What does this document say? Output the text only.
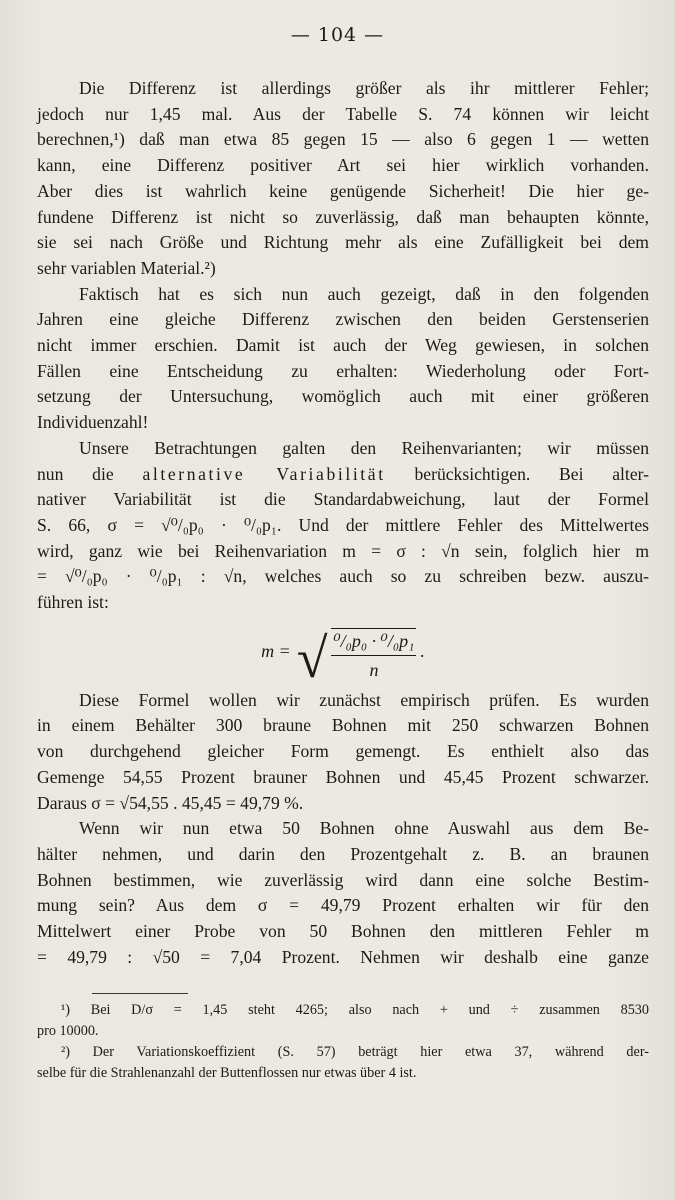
— 104 —

Die Differenz ist allerdings größer als ihr mittlerer Fehler;
jedoch nur 1,45 mal. Aus der Tabelle S. 74 können wir leicht
berechnen,¹) daß man etwa 85 gegen 15 — also 6 gegen 1 — wetten
kann, eine Differenz positiver Art sei hier wirklich vorhanden.
Aber dies ist wahrlich keine genügende Sicherheit! Die hier ge-
fundene Differenz ist nicht so zuverlässig, daß man behaupten könnte,
sie sei nach Größe und Richtung mehr als eine Zufälligkeit bei dem
sehr variablen Material.²)

Faktisch hat es sich nun auch gezeigt, daß in den folgenden
Jahren eine gleiche Differenz zwischen den beiden Gerstenserien
nicht immer erschien. Damit ist auch der Weg gewiesen, in solchen
Fällen eine Entscheidung zu erhalten: Wiederholung oder Fort-
setzung der Untersuchung, womöglich auch mit einer größeren
Individuenzahl!

Unsere Betrachtungen galten den Reihenvarianten; wir müssen
nun die alternative Variabilität berücksichtigen. Bei alter-
nativer Variabilität ist die Standardabweichung, laut der Formel
S. 66, σ = √⁰/₀p₀ · ⁰/₀p₁. Und der mittlere Fehler des Mittelwertes
wird, ganz wie bei Reihenvariation m = σ : √n sein, folglich hier m
= √⁰/₀p₀ · ⁰/₀p₁ : √n, welches auch so zu schreiben bezw. auszu-
führen ist:

m = √ $\frac{\text{⁰/₀p₀ · ⁰/₀p₁}}{n}$ .

Diese Formel wollen wir zunächst empirisch prüfen. Es wurden
in einem Behälter 300 braune Bohnen mit 250 schwarzen Bohnen
von durchgehend gleicher Form gemengt. Es enthielt also das
Gemenge 54,55 Prozent brauner Bohnen und 45,45 Prozent schwarzer.
Daraus σ = √54,55 . 45,45 = 49,79 %.

Wenn wir nun etwa 50 Bohnen ohne Auswahl aus dem Be-
hälter nehmen, und darin den Prozentgehalt z. B. an braunen
Bohnen bestimmen, wie zuverlässig wird dann eine solche Bestim-
mung sein? Aus dem σ = 49,79 Prozent erhalten wir für den
Mittelwert einer Probe von 50 Bohnen den mittleren Fehler m
= 49,79 : √50 = 7,04 Prozent. Nehmen wir deshalb eine ganze

¹) Bei D/σ = 1,45 steht 4265; also nach + und ÷ zusammen 8530
pro 10000.

²) Der Variationskoeffizient (S. 57) beträgt hier etwa 37, während der-
selbe für die Strahlenanzahl der Buttenflossen nur etwas über 4 ist.
